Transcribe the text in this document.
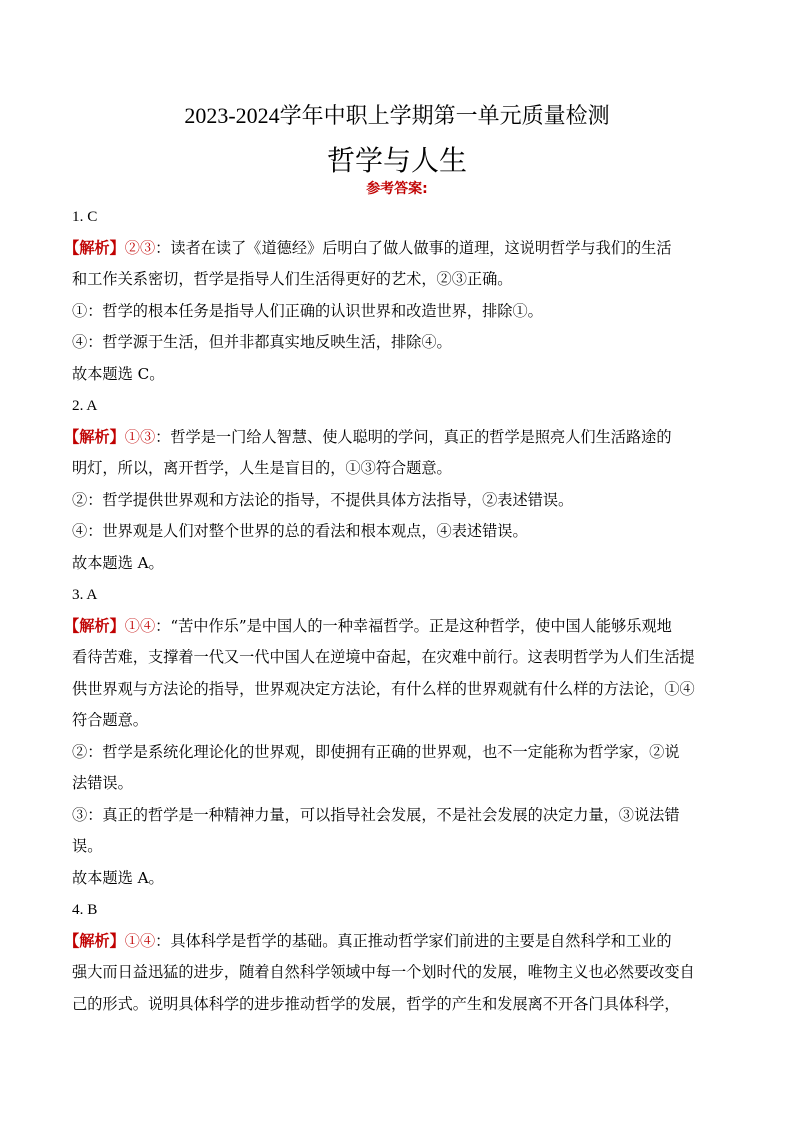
2023-2024学年中职上学期第一单元质量检测
哲学与人生
参考答案:
1. C
【解析】②③：读者在读了《道德经》后明白了做人做事的道理，这说明哲学与我们的生活
和工作关系密切，哲学是指导人们生活得更好的艺术，②③正确。
①：哲学的根本任务是指导人们正确的认识世界和改造世界，排除①。
④：哲学源于生活，但并非都真实地反映生活，排除④。
故本题选 C。
2. A
【解析】①③：哲学是一门给人智慧、使人聪明的学问，真正的哲学是照亮人们生活路途的
明灯，所以，离开哲学，人生是盲目的，①③符合题意。
②：哲学提供世界观和方法论的指导，不提供具体方法指导，②表述错误。
④：世界观是人们对整个世界的总的看法和根本观点，④表述错误。
故本题选 A。
3. A
【解析】①④：“苦中作乐”是中国人的一种幸福哲学。正是这种哲学，使中国人能够乐观地
看待苦难，支撑着一代又一代中国人在逆境中奋起，在灾难中前行。这表明哲学为人们生活提
供世界观与方法论的指导，世界观决定方法论，有什么样的世界观就有什么样的方法论，①④
符合题意。
②：哲学是系统化理论化的世界观，即使拥有正确的世界观，也不一定能称为哲学家，②说
法错误。
③：真正的哲学是一种精神力量，可以指导社会发展，不是社会发展的决定力量，③说法错
误。
故本题选 A。
4. B
【解析】①④：具体科学是哲学的基础。真正推动哲学家们前进的主要是自然科学和工业的
强大而日益迅猛的进步，随着自然科学领域中每一个划时代的发展，唯物主义也必然要改变自
己的形式。说明具体科学的进步推动哲学的发展，哲学的产生和发展离不开各门具体科学，
